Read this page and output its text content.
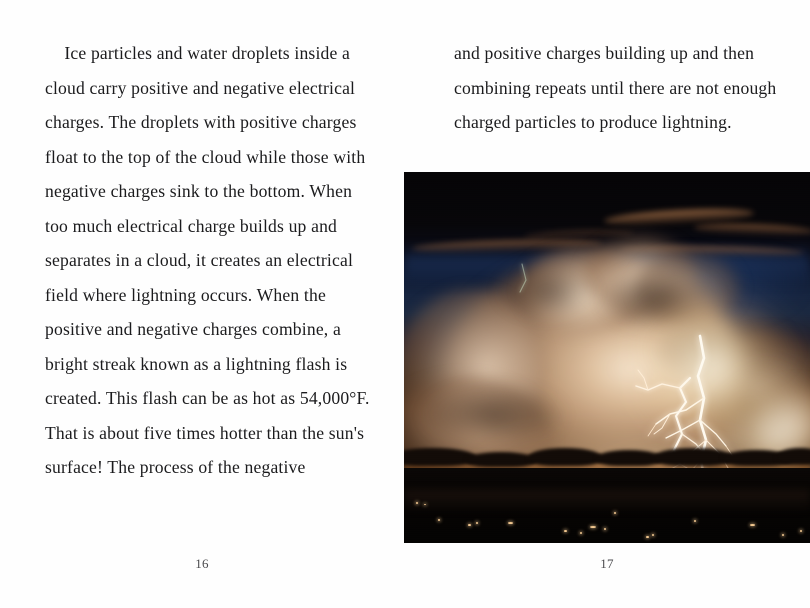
Ice particles and water droplets inside a cloud carry positive and negative electrical charges. The droplets with positive charges float to the top of the cloud while those with negative charges sink to the bottom. When too much electrical charge builds up and separates in a cloud, it creates an electrical field where lightning occurs. When the positive and negative charges combine, a bright streak known as a lightning flash is created. This flash can be as hot as 54,000°F. That is about five times hotter than the sun's surface! The process of the negative
16
and positive charges building up and then combining repeats until there are not enough charged particles to produce lightning.
17
